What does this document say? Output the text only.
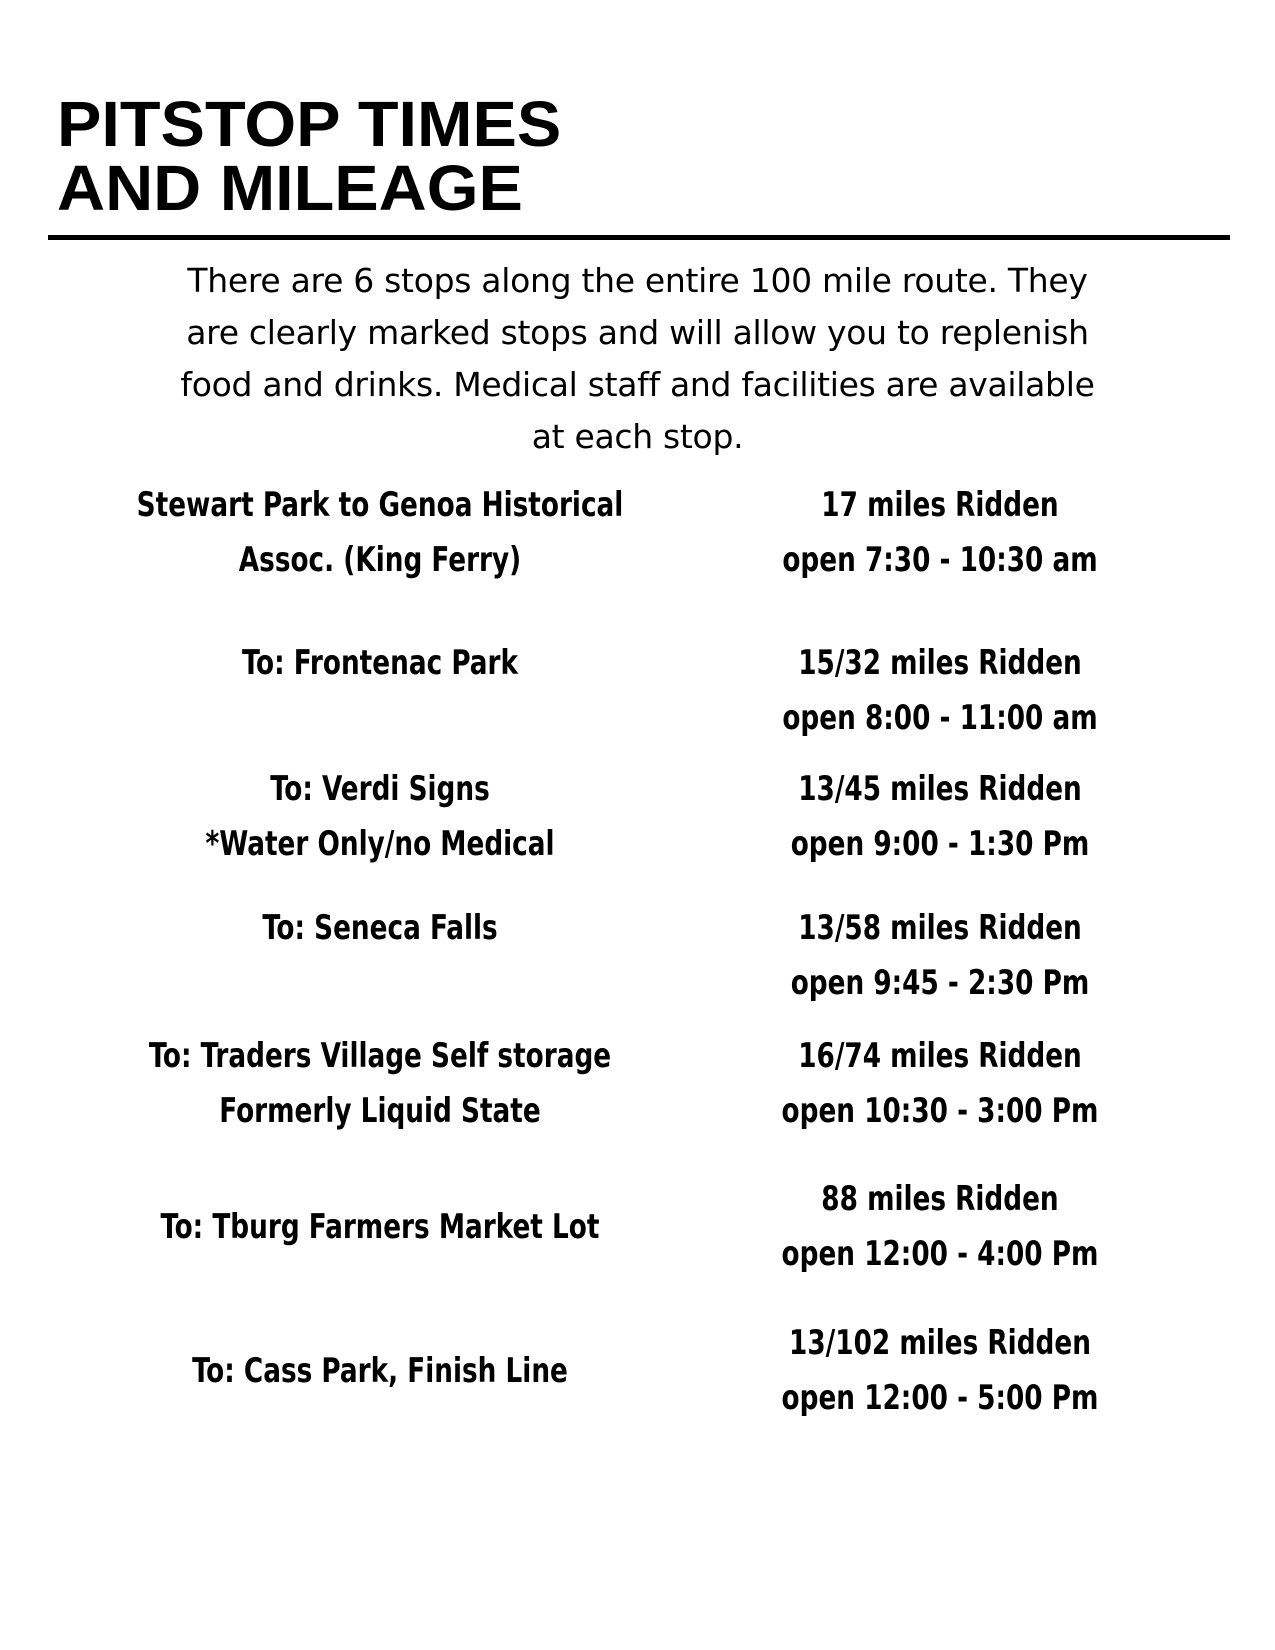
PITSTOP TIMES
AND MILEAGE

There are 6 stops along the entire 100 mile route. They
are clearly marked stops and will allow you to replenish
food and drinks. Medical staff and facilities are available
at each stop.

Stewart Park to Genoa Historical
Assoc. (King Ferry)
17 miles Ridden
open 7:30 - 10:30 am
To: Frontenac Park	15/32 miles Ridden
open 8:00 - 11:00 am
To: Verdi Signs
*Water Only/no Medical
13/45 miles Ridden
open 9:00 - 1:30 Pm
To: Seneca Falls	13/58 miles Ridden
open 9:45 - 2:30 Pm
To: Traders Village Self storage
Formerly Liquid State
16/74 miles Ridden
open 10:30 - 3:00 Pm
To: Tburg Farmers Market Lot
88 miles Ridden
open 12:00 - 4:00 Pm
To: Cass Park, Finish Line
13/102 miles Ridden
open 12:00 - 5:00 Pm
